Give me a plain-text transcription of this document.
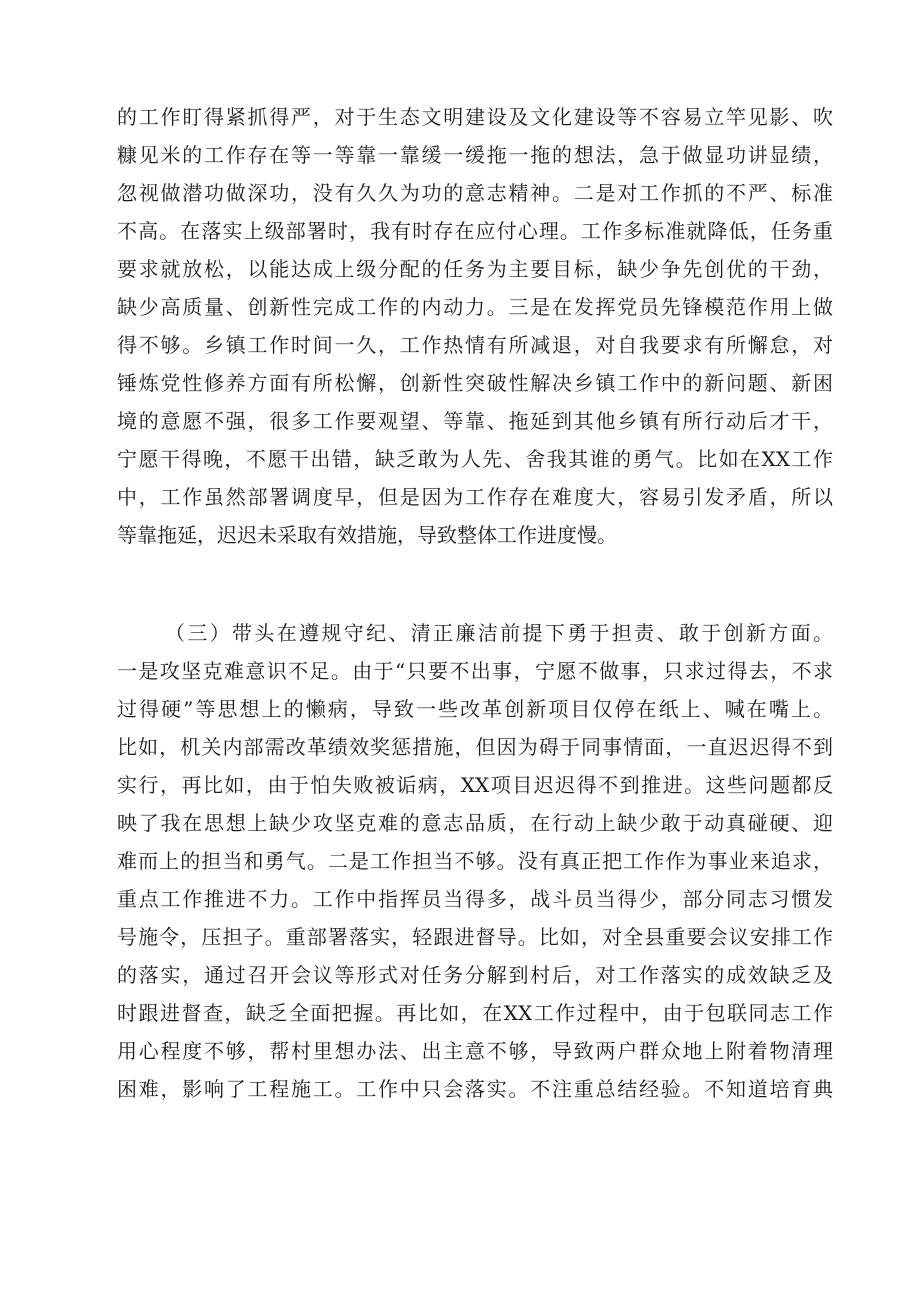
的工作盯得紧抓得严，对于生态文明建设及文化建设等不容易立竿见影、吹
糠见米的工作存在等一等靠一靠缓一缓拖一拖的想法，急于做显功讲显绩，
忽视做潜功做深功，没有久久为功的意志精神。二是对工作抓的不严、标准
不高。在落实上级部署时，我有时存在应付心理。工作多标准就降低，任务重
要求就放松，以能达成上级分配的任务为主要目标，缺少争先创优的干劲，
缺少高质量、创新性完成工作的内动力。三是在发挥党员先锋模范作用上做
得不够。乡镇工作时间一久，工作热情有所减退，对自我要求有所懈怠，对
锤炼党性修养方面有所松懈，创新性突破性解决乡镇工作中的新问题、新困
境的意愿不强，很多工作要观望、等靠、拖延到其他乡镇有所行动后才干，
宁愿干得晚，不愿干出错，缺乏敢为人先、舍我其谁的勇气。比如在XX工作
中，工作虽然部署调度早，但是因为工作存在难度大，容易引发矛盾，所以
等靠拖延，迟迟未采取有效措施，导致整体工作进度慢。
（三）带头在遵规守纪、清正廉洁前提下勇于担责、敢于创新方面。
一是攻坚克难意识不足。由于“只要不出事，宁愿不做事，只求过得去，不求
过得硬”等思想上的懒病，导致一些改革创新项目仅停在纸上、喊在嘴上。
比如，机关内部需改革绩效奖惩措施，但因为碍于同事情面，一直迟迟得不到
实行，再比如，由于怕失败被诟病，XX项目迟迟得不到推进。这些问题都反
映了我在思想上缺少攻坚克难的意志品质，在行动上缺少敢于动真碰硬、迎
难而上的担当和勇气。二是工作担当不够。没有真正把工作作为事业来追求，
重点工作推进不力。工作中指挥员当得多，战斗员当得少，部分同志习惯发
号施令，压担子。重部署落实，轻跟进督导。比如，对全县重要会议安排工作
的落实，通过召开会议等形式对任务分解到村后，对工作落实的成效缺乏及
时跟进督查，缺乏全面把握。再比如，在XX工作过程中，由于包联同志工作
用心程度不够，帮村里想办法、出主意不够，导致两户群众地上附着物清理
困难，影响了工程施工。工作中只会落实。不注重总结经验。不知道培育典
